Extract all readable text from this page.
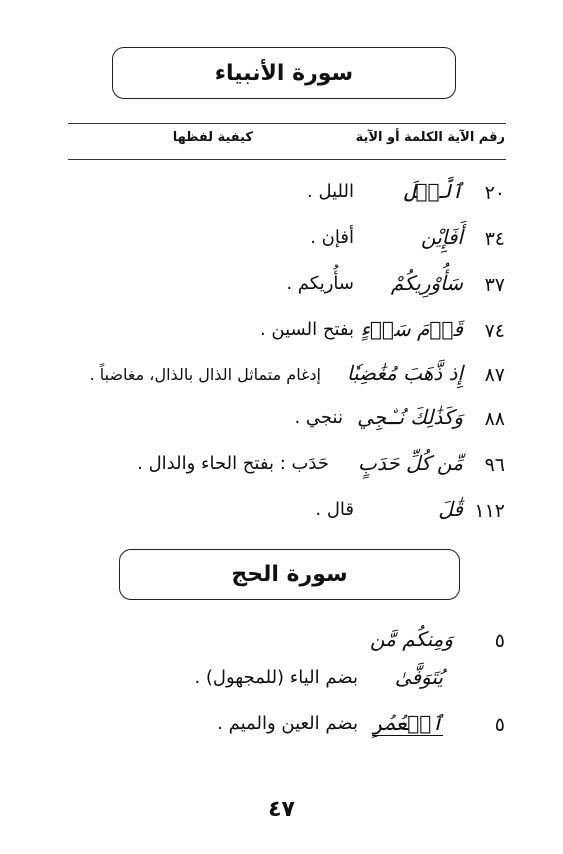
سورة الأنبياء
رقم الآية الكلمة أو الآية
كيفية لفظها
٢٠
ٱلَّيۡلَ
الليل .
٣٤
أَفَإِيْن
أفإن .
٣٧
سَأُوْرِيكُمْ
سأُريكم .
٧٤
قَوۡمَ سَوۡءٍ
بفتح السين .
٨٧
إِذ ذَّهَبَ مُغَٰضِبٗا
إدغام متماثل الذال بالذال، مغاضباً .
٨٨
وَكَذَٰلِكَ نُـۨجِي
ننجي .
٩٦
مِّن كُلِّ حَدَبٍ
حَدَب : بفتح الحاء والدال .
١١٢
قَٰلَ
قال .
سورة الحج
٥
وَمِنكُم مَّن
يُتَوَفَّىٰ
بضم الياء (للمجهول) .
٥
ٱلۡعُمُرِ
بضم العين والميم .
٤٧
